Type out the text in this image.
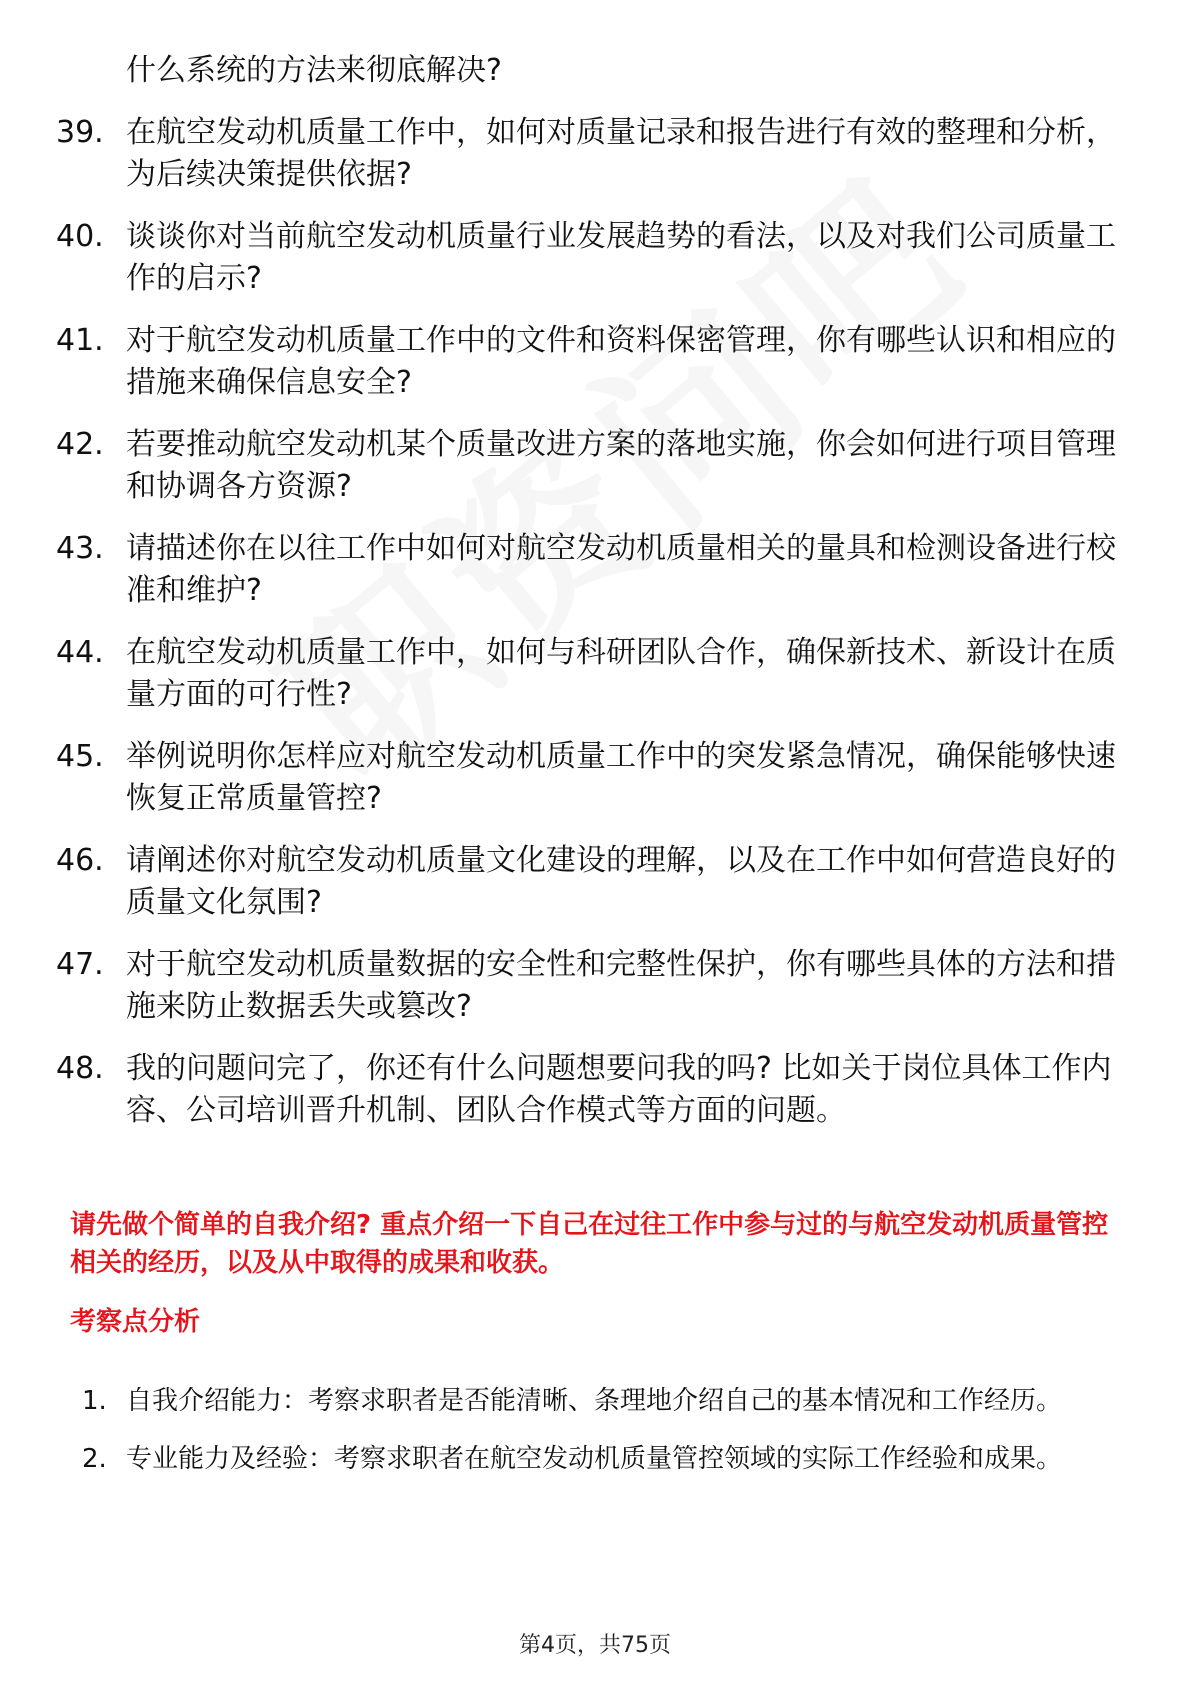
什么系统的方法来彻底解决?
39. 在航空发动机质量工作中，如何对质量记录和报告进行有效的整理和分析，为后续决策提供依据?
40. 谈谈你对当前航空发动机质量行业发展趋势的看法，以及对我们公司质量工作的启示?
41. 对于航空发动机质量工作中的文件和资料保密管理，你有哪些认识和相应的措施来确保信息安全?
42. 若要推动航空发动机某个质量改进方案的落地实施，你会如何进行项目管理和协调各方资源?
43. 请描述你在以往工作中如何对航空发动机质量相关的量具和检测设备进行校准和维护?
44. 在航空发动机质量工作中，如何与科研团队合作，确保新技术、新设计在质量方面的可行性?
45. 举例说明你怎样应对航空发动机质量工作中的突发紧急情况，确保能够快速恢复正常质量管控?
46. 请阐述你对航空发动机质量文化建设的理解，以及在工作中如何营造良好的质量文化氛围?
47. 对于航空发动机质量数据的安全性和完整性保护，你有哪些具体的方法和措施来防止数据丢失或篡改?
48. 我的问题问完了，你还有什么问题想要问我的吗? 比如关于岗位具体工作内容、公司培训晋升机制、团队合作模式等方面的问题。
请先做个简单的自我介绍? 重点介绍一下自己在过往工作中参与过的与航空发动机质量管控相关的经历，以及从中取得的成果和收获。
考察点分析
1. 自我介绍能力：考察求职者是否能清晰、条理地介绍自己的基本情况和工作经历。
2. 专业能力及经验：考察求职者在航空发动机质量管控领域的实际工作经验和成果。
第4页，共75页
